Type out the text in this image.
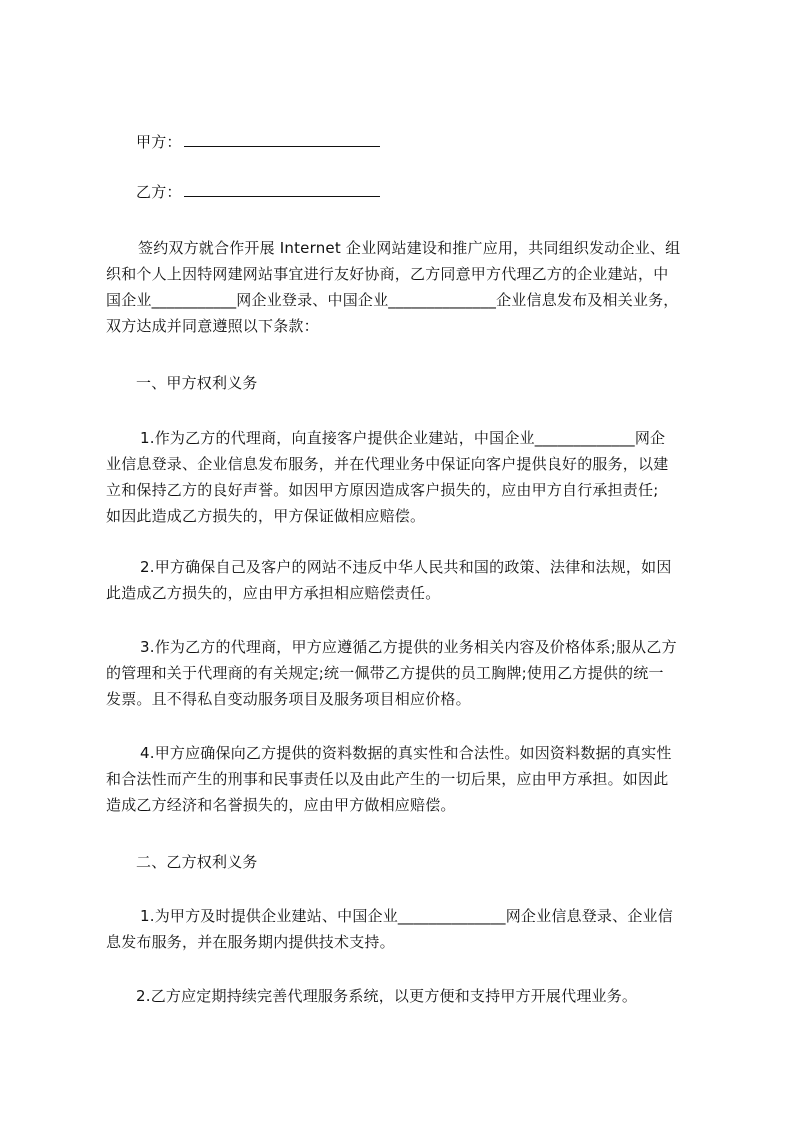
甲方：
乙方：
签约双方就合作开展 Internet 企业网站建设和推广应用，共同组织发动企业、组
织和个人上因特网建网站事宜进行友好协商，乙方同意甲方代理乙方的企业建站，中
国企业___________网企业登录、中国企业______________企业信息发布及相关业务，
双方达成并同意遵照以下条款：
一、甲方权利义务
1.作为乙方的代理商，向直接客户提供企业建站，中国企业_____________网企
业信息登录、企业信息发布服务，并在代理业务中保证向客户提供良好的服务，以建
立和保持乙方的良好声誉。如因甲方原因造成客户损失的，应由甲方自行承担责任;
如因此造成乙方损失的，甲方保证做相应赔偿。
2.甲方确保自己及客户的网站不违反中华人民共和国的政策、法律和法规，如因
此造成乙方损失的，应由甲方承担相应赔偿责任。
3.作为乙方的代理商，甲方应遵循乙方提供的业务相关内容及价格体系;服从乙方
的管理和关于代理商的有关规定;统一佩带乙方提供的员工胸牌;使用乙方提供的统一
发票。且不得私自变动服务项目及服务项目相应价格。
4.甲方应确保向乙方提供的资料数据的真实性和合法性。如因资料数据的真实性
和合法性而产生的刑事和民事责任以及由此产生的一切后果，应由甲方承担。如因此
造成乙方经济和名誉损失的，应由甲方做相应赔偿。
二、乙方权利义务
1.为甲方及时提供企业建站、中国企业______________网企业信息登录、企业信
息发布服务，并在服务期内提供技术支持。
2.乙方应定期持续完善代理服务系统，以更方便和支持甲方开展代理业务。
